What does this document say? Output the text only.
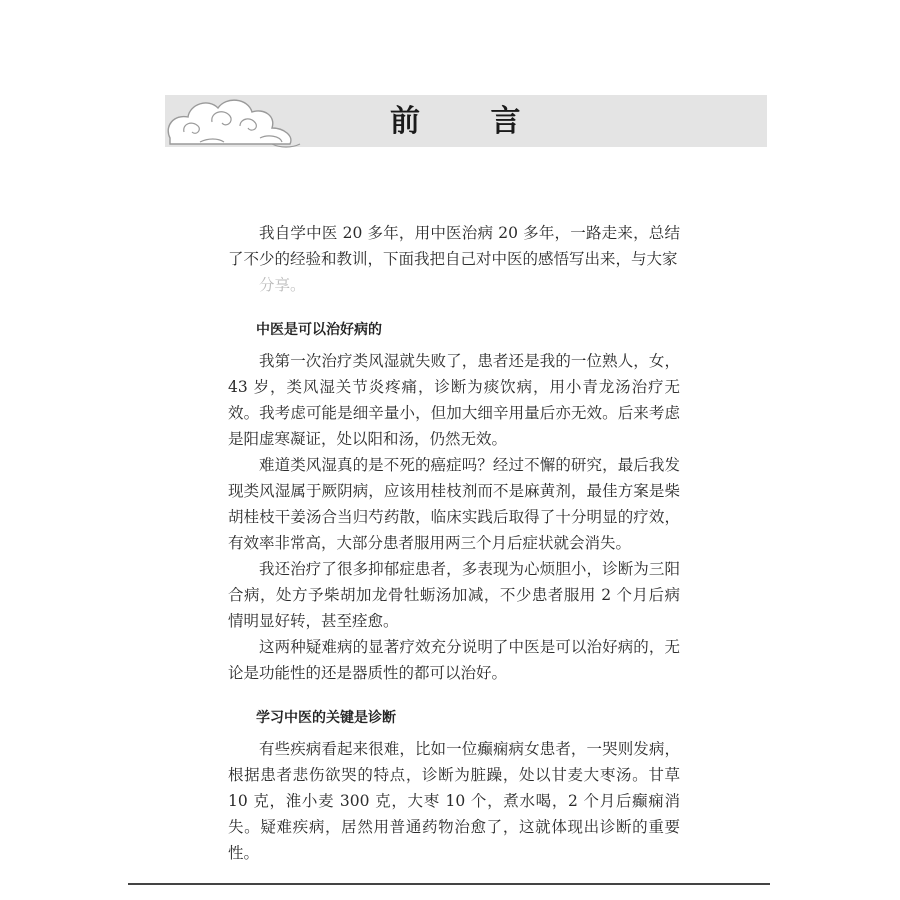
前 言

我自学中医 20 多年，用中医治病 20 多年，一路走来，总结了不少的经验和教训，下面我把自己对中医的感悟写出来，与大家

分享。

中医是可以治好病的

我第一次治疗类风湿就失败了，患者还是我的一位熟人，女，43 岁，类风湿关节炎疼痛，诊断为痰饮病，用小青龙汤治疗无效。我考虑可能是细辛量小，但加大细辛用量后亦无效。后来考虑是阳虚寒凝证，处以阳和汤，仍然无效。

难道类风湿真的是不死的癌症吗？经过不懈的研究，最后我发现类风湿属于厥阴病，应该用桂枝剂而不是麻黄剂，最佳方案是柴胡桂枝干姜汤合当归芍药散，临床实践后取得了十分明显的疗效，有效率非常高，大部分患者服用两三个月后症状就会消失。

我还治疗了很多抑郁症患者，多表现为心烦胆小，诊断为三阳合病，处方予柴胡加龙骨牡蛎汤加减，不少患者服用 2 个月后病情明显好转，甚至痊愈。

这两种疑难病的显著疗效充分说明了中医是可以治好病的，无论是功能性的还是器质性的都可以治好。

学习中医的关键是诊断

有些疾病看起来很难，比如一位癫痫病女患者，一哭则发病，根据患者悲伤欲哭的特点，诊断为脏躁，处以甘麦大枣汤。甘草 10 克，淮小麦 300 克，大枣 10 个，煮水喝，2 个月后癫痫消失。疑难疾病，居然用普通药物治愈了，这就体现出诊断的重要性。
